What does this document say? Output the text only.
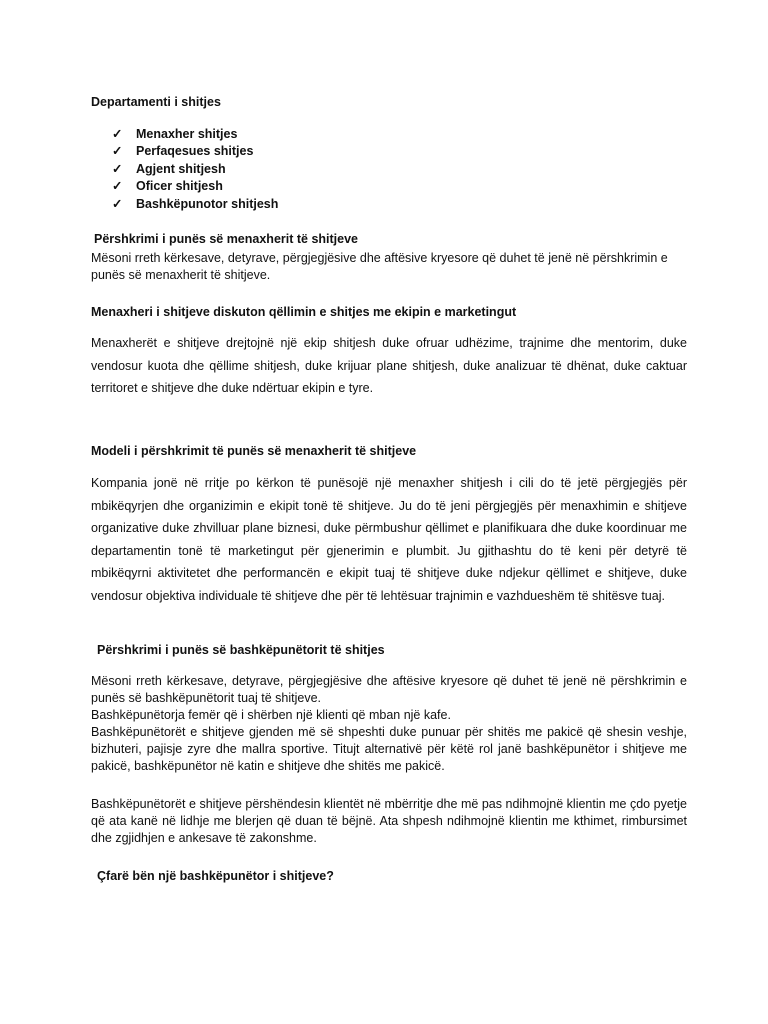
Departamenti i shitjes
✓ Menaxher shitjes
✓ Perfaqesues shitjes
✓ Agjent shitjesh
✓ Oficer shitjesh
✓ Bashkëpunotor shitjesh
Përshkrimi i punës së menaxherit të shitjeve
Mësoni rreth kërkesave, detyrave, përgjegjësive dhe aftësive kryesore që duhet të jenë në përshkrimin e punës së menaxherit të shitjeve.
Menaxheri i shitjeve diskuton qëllimin e shitjes me ekipin e marketingut
Menaxherët e shitjeve drejtojnë një ekip shitjesh duke ofruar udhëzime, trajnime dhe mentorim, duke vendosur kuota dhe qëllime shitjesh, duke krijuar plane shitjesh, duke analizuar të dhënat, duke caktuar territoret e shitjeve dhe duke ndërtuar ekipin e tyre.
Modeli i përshkrimit të punës së menaxherit të shitjeve
Kompania jonë në rritje po kërkon të punësojë një menaxher shitjesh i cili do të jetë përgjegjës për mbikëqyrjen dhe organizimin e ekipit tonë të shitjeve. Ju do të jeni përgjegjës për menaxhimin e shitjeve organizative duke zhvilluar plane biznesi, duke përmbushur qëllimet e planifikuara dhe duke koordinuar me departamentin tonë të marketingut për gjenerimin e plumbit. Ju gjithashtu do të keni për detyrë të mbikëqyrni aktivitetet dhe performancën e ekipit tuaj të shitjeve duke ndjekur qëllimet e shitjeve, duke vendosur objektiva individuale të shitjeve dhe për të lehtësuar trajnimin e vazhdueshëm të shitësve tuaj.
Përshkrimi i punës së bashkëpunëtorit të shitjes
Mësoni rreth kërkesave, detyrave, përgjegjësive dhe aftësive kryesore që duhet të jenë në përshkrimin e punës së bashkëpunëtorit tuaj të shitjeve.
Bashkëpunëtorja femër që i shërben një klienti që mban një kafe.
Bashkëpunëtorët e shitjeve gjenden më së shpeshti duke punuar për shitës me pakicë që shesin veshje, bizhuteri, pajisje zyre dhe mallra sportive. Titujt alternativë për këtë rol janë bashkëpunëtor i shitjeve me pakicë, bashkëpunëtor në katin e shitjeve dhe shitës me pakicë.
Bashkëpunëtorët e shitjeve përshëndesin klientët në mbërritje dhe më pas ndihmojnë klientin me çdo pyetje që ata kanë në lidhje me blerjen që duan të bëjnë. Ata shpesh ndihmojnë klientin me kthimet, rimbursimet dhe zgjidhjen e ankesave të zakonshme.
Çfarë bën një bashkëpunëtor i shitjeve?
